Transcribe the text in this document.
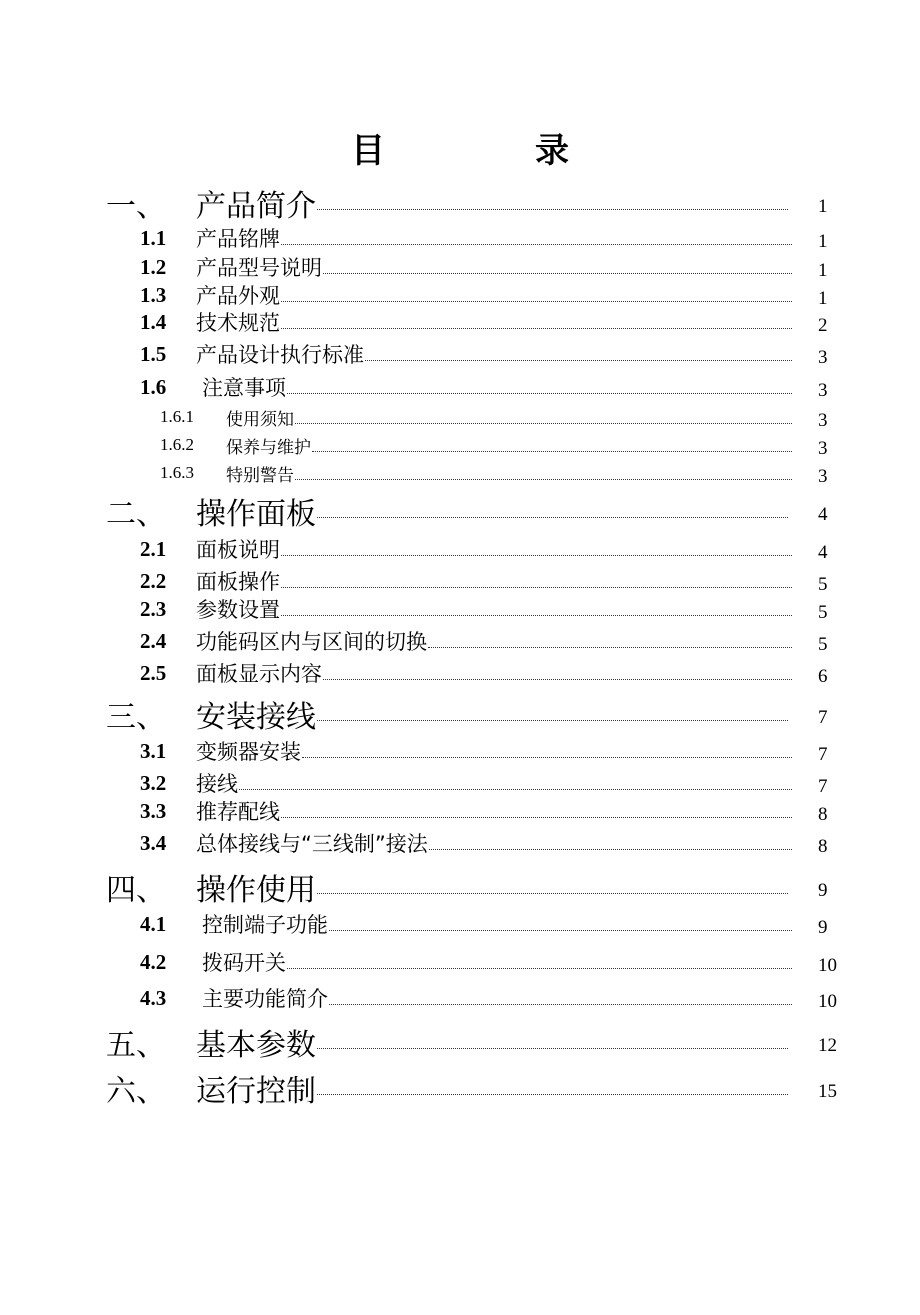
目　录
一、 产品简介	1
1.1 产品铭牌	1
1.2 产品型号说明	1
1.3 产品外观	1
1.4 技术规范	2
1.5 产品设计执行标准	3
1.6 注意事项	3
1.6.1 使用须知	3
1.6.2 保养与维护	3
1.6.3 特别警告	3
二、 操作面板	4
2.1 面板说明	4
2.2 面板操作	5
2.3 参数设置	5
2.4 功能码区内与区间的切换	5
2.5 面板显示内容	6
三、 安装接线	7
3.1 变频器安装	7
3.2 接线	7
3.3 推荐配线	8
3.4 总体接线与“三线制”接法	8
四、 操作使用	9
4.1 控制端子功能	9
4.2 拨码开关	10
4.3 主要功能简介	10
五、 基本参数	12
六、 运行控制	15
